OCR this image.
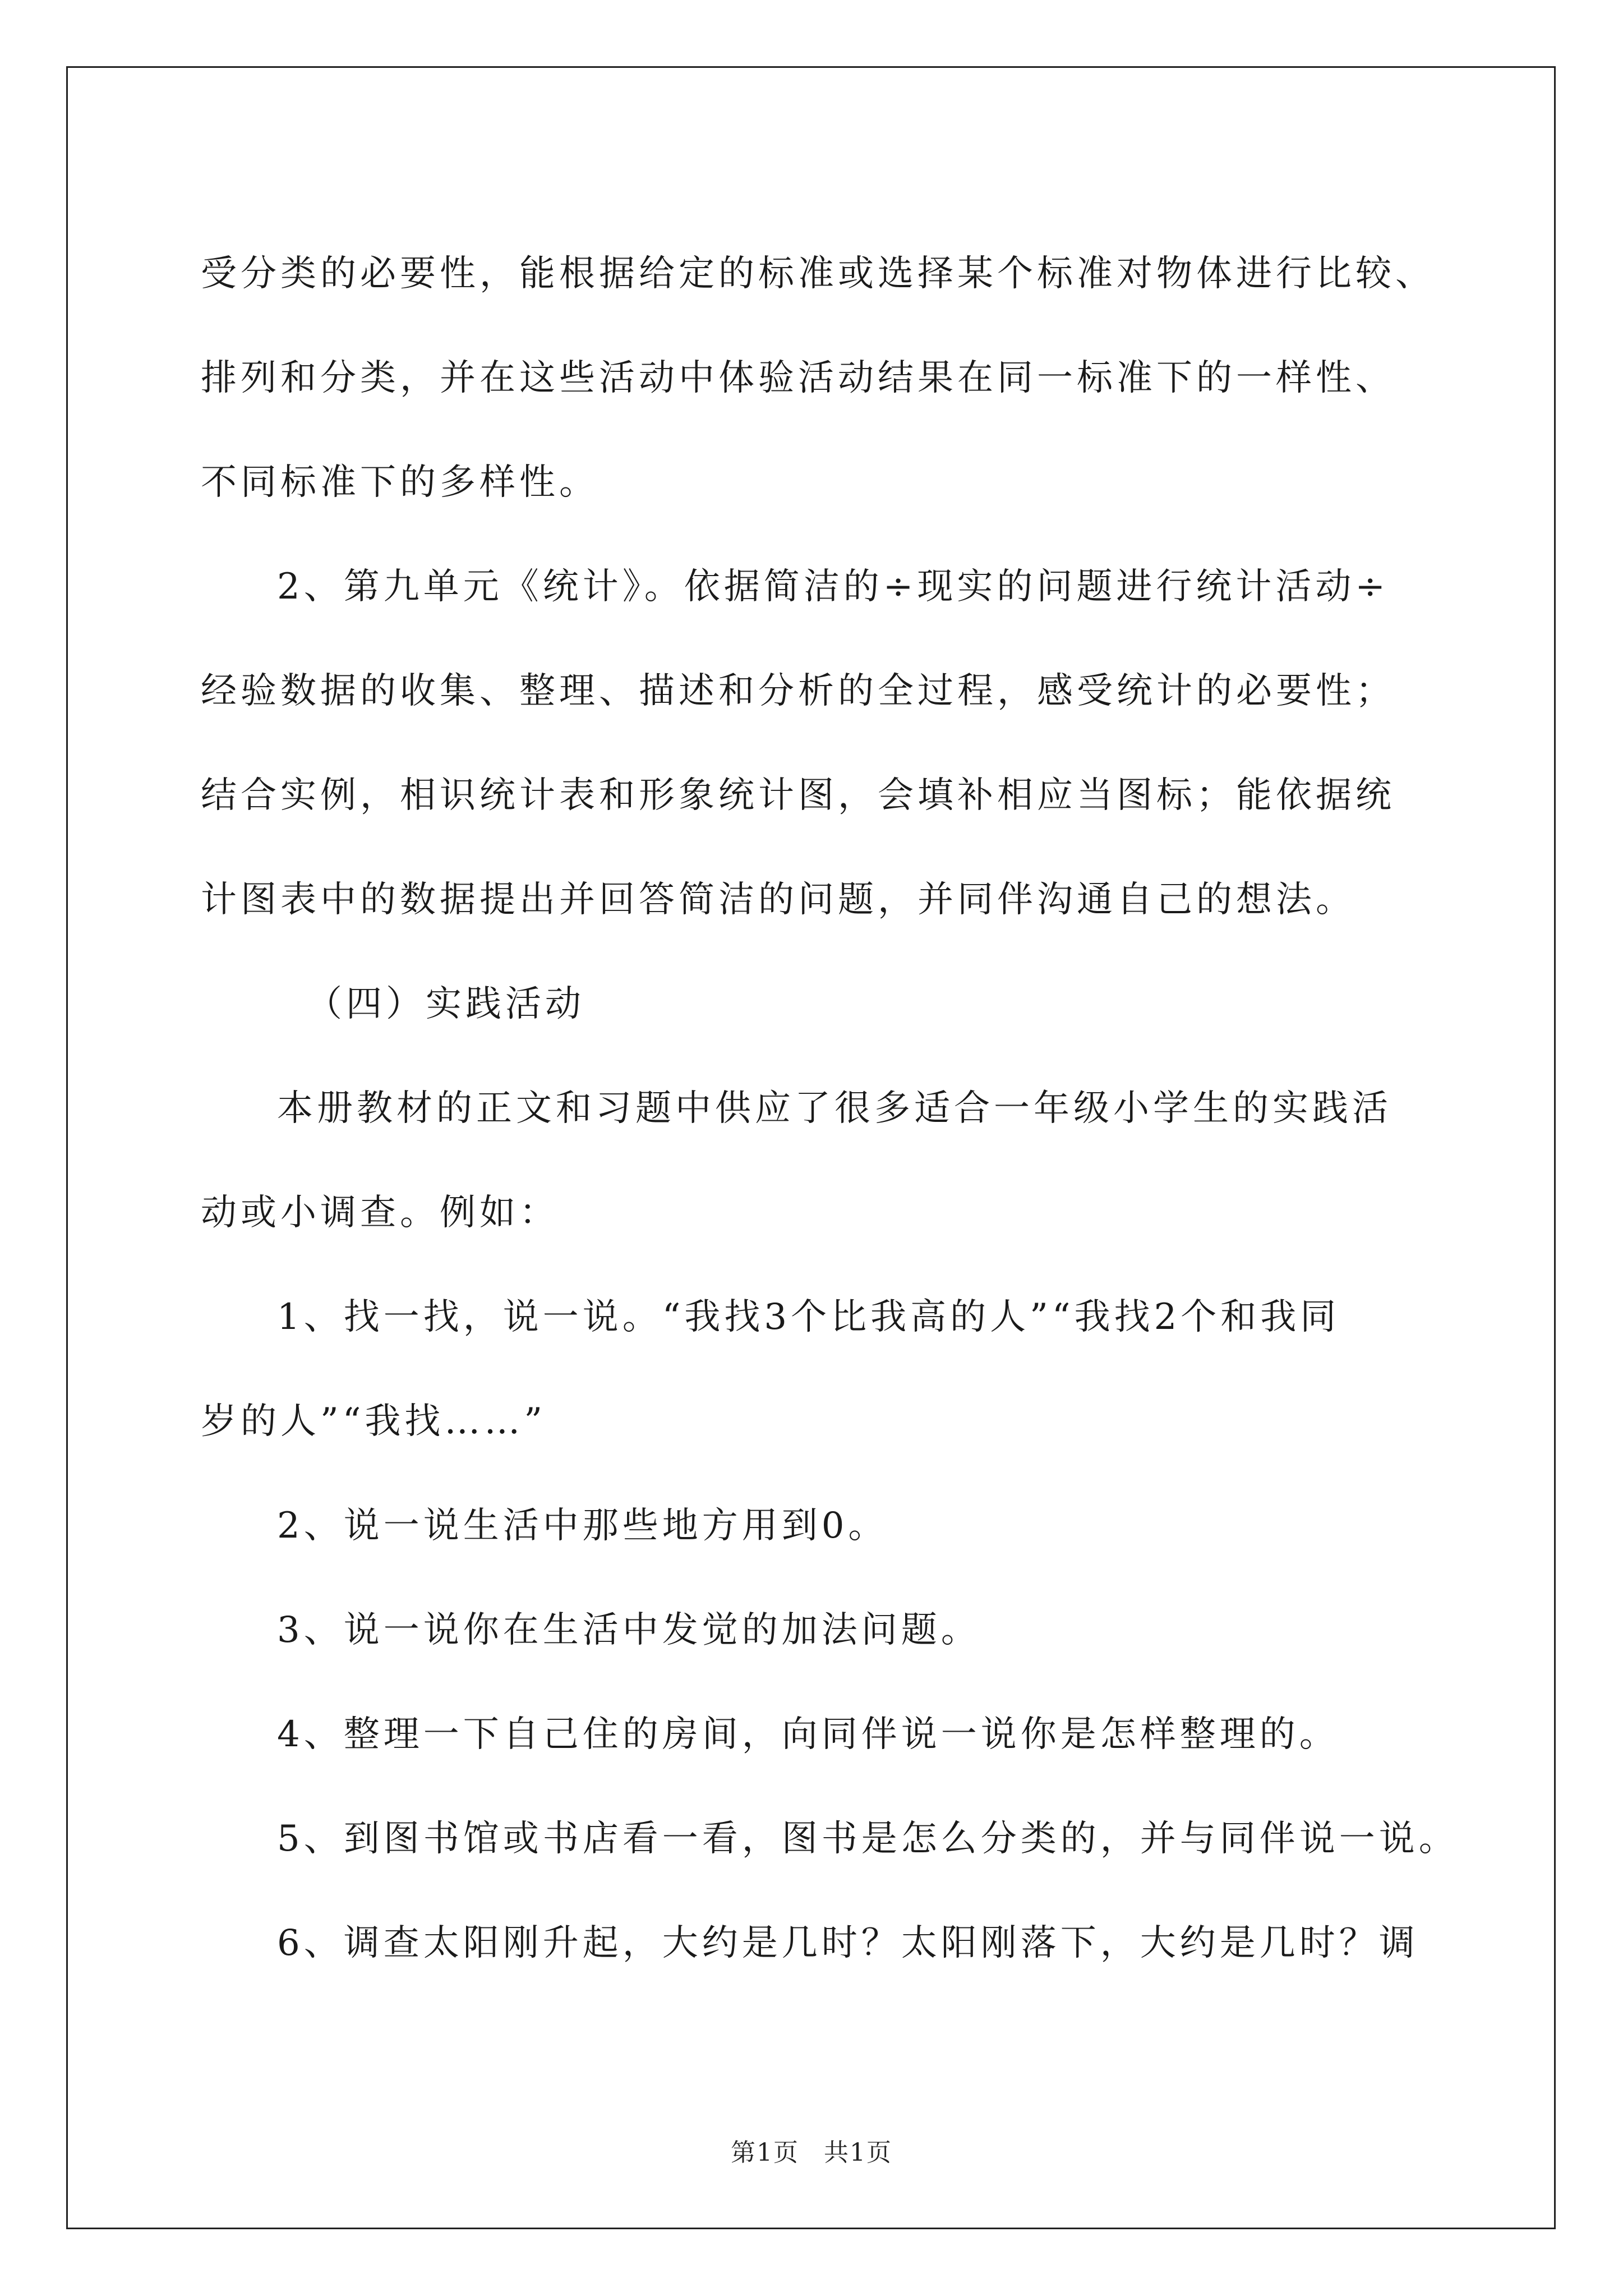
受分类的必要性，能根据给定的标准或选择某个标准对物体进行比较、
排列和分类，并在这些活动中体验活动结果在同一标准下的一样性、
不同标准下的多样性。
2、第九单元《统计》。依据简洁的÷现实的问题进行统计活动÷
经验数据的收集、整理、描述和分析的全过程，感受统计的必要性；
结合实例，相识统计表和形象统计图，会填补相应当图标；能依据统
计图表中的数据提出并回答简洁的问题，并同伴沟通自己的想法。
（四）实践活动
本册教材的正文和习题中供应了很多适合一年级小学生的实践活
动或小调查。例如：
1、找一找，说一说。“我找3个比我高的人”“我找2个和我同
岁的人”“我找……”
2、说一说生活中那些地方用到0。
3、说一说你在生活中发觉的加法问题。
4、整理一下自己住的房间，向同伴说一说你是怎样整理的。
5、到图书馆或书店看一看，图书是怎么分类的，并与同伴说一说。
6、调查太阳刚升起，大约是几时？太阳刚落下，大约是几时？调
第1页 共1页
